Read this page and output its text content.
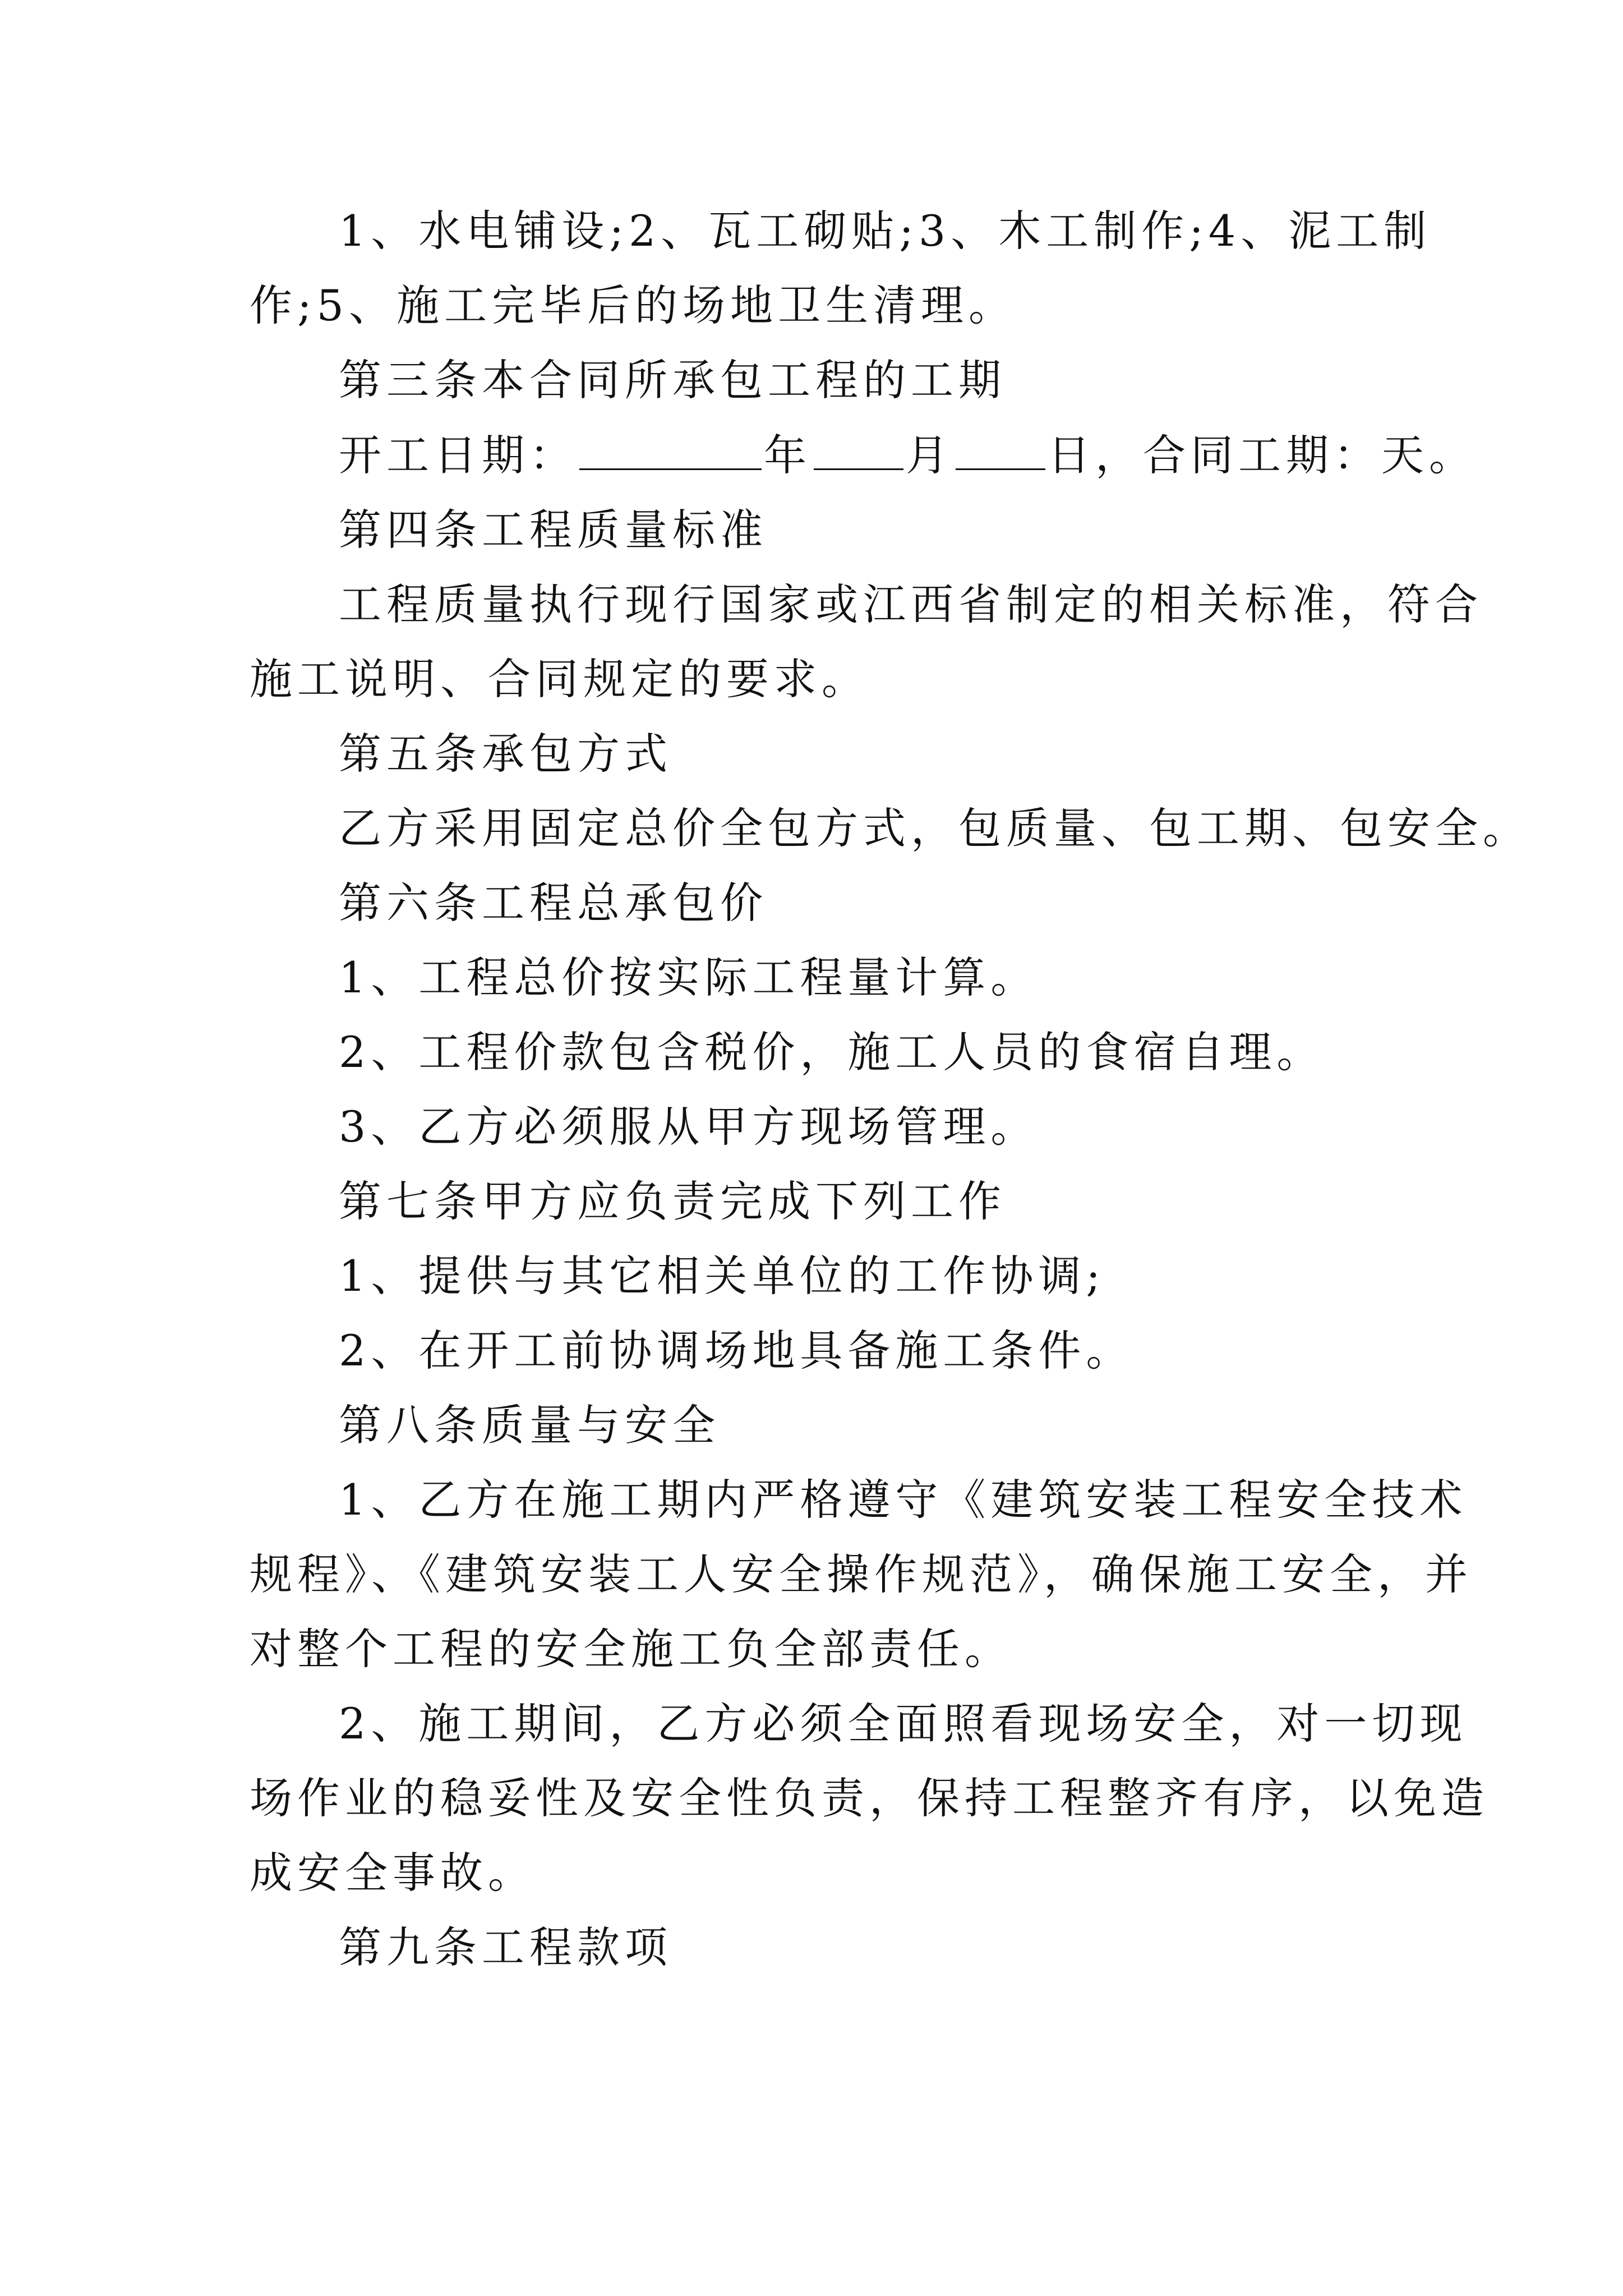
1、水电铺设;2、瓦工砌贴;3、木工制作;4、泥工制
作;5、施工完毕后的场地卫生清理。
第三条本合同所承包工程的工期
开工日期：	年 月 日，合同工期：天。
第四条工程质量标准
工程质量执行现行国家或江西省制定的相关标准，符合
施工说明、合同规定的要求。
第五条承包方式
乙方采用固定总价全包方式，包质量、包工期、包安全。
第六条工程总承包价
1、工程总价按实际工程量计算。
2、工程价款包含税价，施工人员的食宿自理。
3、乙方必须服从甲方现场管理。
第七条甲方应负责完成下列工作
1、提供与其它相关单位的工作协调;
2、在开工前协调场地具备施工条件。
第八条质量与安全
1、乙方在施工期内严格遵守《建筑安装工程安全技术
规程》、《建筑安装工人安全操作规范》，确保施工安全，并
对整个工程的安全施工负全部责任。
2、施工期间，乙方必须全面照看现场安全，对一切现
场作业的稳妥性及安全性负责，保持工程整齐有序，以免造
成安全事故。
第九条工程款项
